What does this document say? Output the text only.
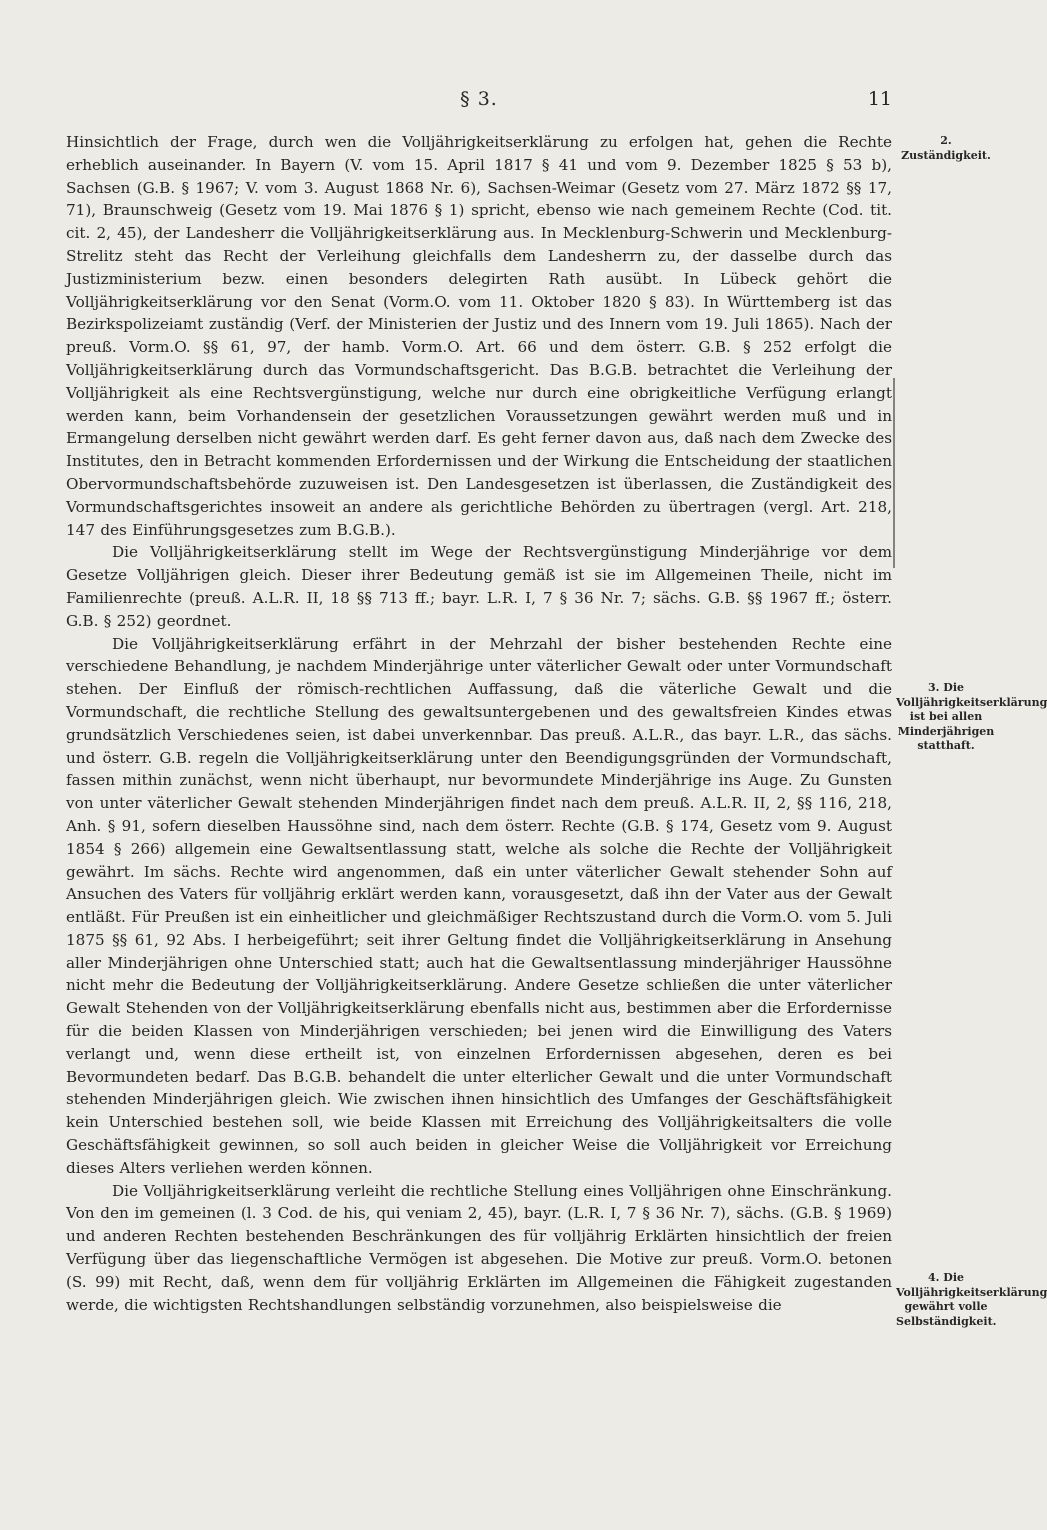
§ 3.	11

Hinsichtlich der Frage, durch wen die Volljährigkeitserklärung zu erfolgen hat, gehen die Rechte erheblich auseinander. In Bayern (V. vom 15. April 1817 § 41 und vom 9. Dezember 1825 § 53 b), Sachsen (G.B. § 1967; V. vom 3. August 1868 Nr. 6), Sachsen-Weimar (Gesetz vom 27. März 1872 §§ 17, 71), Braunschweig (Gesetz vom 19. Mai 1876 § 1) spricht, ebenso wie nach gemeinem Rechte (Cod. tit. cit. 2, 45), der Landesherr die Volljährigkeitserklärung aus. In Mecklenburg-Schwerin und Mecklenburg-Strelitz steht das Recht der Verleihung gleichfalls dem Landesherrn zu, der dasselbe durch das Justizministerium bezw. einen besonders delegirten Rath ausübt. In Lübeck gehört die Volljährigkeitserklärung vor den Senat (Vorm.O. vom 11. Oktober 1820 § 83). In Württemberg ist das Bezirkspolizeiamt zuständig (Verf. der Ministerien der Justiz und des Innern vom 19. Juli 1865). Nach der preuß. Vorm.O. §§ 61, 97, der hamb. Vorm.O. Art. 66 und dem österr. G.B. § 252 erfolgt die Volljährigkeitserklärung durch das Vormundschaftsgericht. Das B.G.B. betrachtet die Verleihung der Volljährigkeit als eine Rechtsvergünstigung, welche nur durch eine obrigkeitliche Verfügung erlangt werden kann, beim Vorhandensein der gesetzlichen Voraussetzungen gewährt werden muß und in Ermangelung derselben nicht gewährt werden darf. Es geht ferner davon aus, daß nach dem Zwecke des Institutes, den in Betracht kommenden Erfordernissen und der Wirkung die Entscheidung der staatlichen Obervormundschaftsbehörde zuzuweisen ist. Den Landesgesetzen ist überlassen, die Zuständigkeit des Vormundschaftsgerichtes insoweit an andere als gerichtliche Behörden zu übertragen (vergl. Art. 218, 147 des Einführungsgesetzes zum B.G.B.).

Die Volljährigkeitserklärung stellt im Wege der Rechtsvergünstigung Minderjährige vor dem Gesetze Volljährigen gleich. Dieser ihrer Bedeutung gemäß ist sie im Allgemeinen Theile, nicht im Familienrechte (preuß. A.L.R. II, 18 §§ 713 ff.; bayr. L.R. I, 7 § 36 Nr. 7; sächs. G.B. §§ 1967 ff.; österr. G.B. § 252) geordnet.

Die Volljährigkeitserklärung erfährt in der Mehrzahl der bisher bestehenden Rechte eine verschiedene Behandlung, je nachdem Minderjährige unter väterlicher Gewalt oder unter Vormundschaft stehen. Der Einfluß der römisch-rechtlichen Auffassung, daß die väterliche Gewalt und die Vormundschaft, die rechtliche Stellung des gewaltsuntergebenen und des gewaltsfreien Kindes etwas grundsätzlich Verschiedenes seien, ist dabei unverkennbar. Das preuß. A.L.R., das bayr. L.R., das sächs. und österr. G.B. regeln die Volljährigkeitserklärung unter den Beendigungsgründen der Vormundschaft, fassen mithin zunächst, wenn nicht überhaupt, nur bevormundete Minderjährige ins Auge. Zu Gunsten von unter väterlicher Gewalt stehenden Minderjährigen findet nach dem preuß. A.L.R. II, 2, §§ 116, 218, Anh. § 91, sofern dieselben Haussöhne sind, nach dem österr. Rechte (G.B. § 174, Gesetz vom 9. August 1854 § 266) allgemein eine Gewaltsentlassung statt, welche als solche die Rechte der Volljährigkeit gewährt. Im sächs. Rechte wird angenommen, daß ein unter väterlicher Gewalt stehender Sohn auf Ansuchen des Vaters für volljährig erklärt werden kann, vorausgesetzt, daß ihn der Vater aus der Gewalt entläßt. Für Preußen ist ein einheitlicher und gleichmäßiger Rechtszustand durch die Vorm.O. vom 5. Juli 1875 §§ 61, 92 Abs. I herbeigeführt; seit ihrer Geltung findet die Volljährigkeitserklärung in Ansehung aller Minderjährigen ohne Unterschied statt; auch hat die Gewaltsentlassung minderjähriger Haussöhne nicht mehr die Bedeutung der Volljährigkeitserklärung. Andere Gesetze schließen die unter väterlicher Gewalt Stehenden von der Volljährigkeitserklärung ebenfalls nicht aus, bestimmen aber die Erfordernisse für die beiden Klassen von Minderjährigen verschieden; bei jenen wird die Einwilligung des Vaters verlangt und, wenn diese ertheilt ist, von einzelnen Erfordernissen abgesehen, deren es bei Bevormundeten bedarf. Das B.G.B. behandelt die unter elterlicher Gewalt und die unter Vormundschaft stehenden Minderjährigen gleich. Wie zwischen ihnen hinsichtlich des Umfanges der Geschäftsfähigkeit kein Unterschied bestehen soll, wie beide Klassen mit Erreichung des Volljährigkeitsalters die volle Geschäftsfähigkeit gewinnen, so soll auch beiden in gleicher Weise die Volljährigkeit vor Erreichung dieses Alters verliehen werden können.

Die Volljährigkeitserklärung verleiht die rechtliche Stellung eines Volljährigen ohne Einschränkung. Von den im gemeinen (l. 3 Cod. de his, qui veniam 2, 45), bayr. (L.R. I, 7 § 36 Nr. 7), sächs. (G.B. § 1969) und anderen Rechten bestehenden Beschränkungen des für volljährig Erklärten hinsichtlich der freien Verfügung über das liegenschaftliche Vermögen ist abgesehen. Die Motive zur preuß. Vorm.O. betonen (S. 99) mit Recht, daß, wenn dem für volljährig Erklärten im Allgemeinen die Fähigkeit zugestanden werde, die wichtigsten Rechtshandlungen selbständig vorzunehmen, also beispielsweise die

2. Zuständigkeit.
3. Die Volljährigkeitserklärung ist bei allen Minderjährigen statthaft.
4. Die Volljährigkeitserklärung gewährt volle Selbständigkeit.
